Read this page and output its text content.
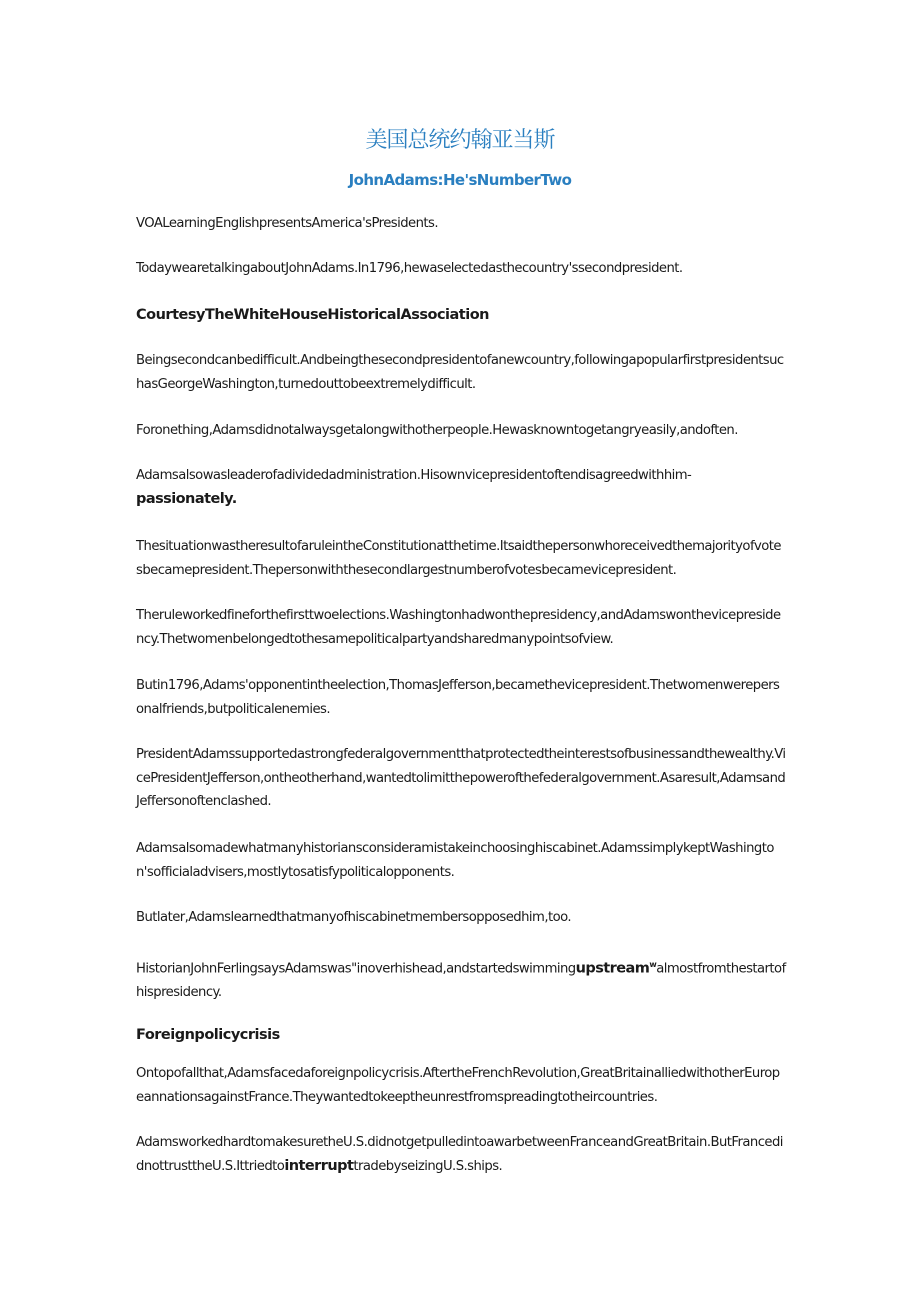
美国总统约翰亚当斯
JohnAdams:He'sNumberTwo

VOALearningEnglishpresentsAmerica'sPresidents.

TodaywearetalkingaboutJohnAdams.In1796,hewaselectedasthecountry'ssecondpresident.

CourtesyTheWhiteHouseHistoricalAssociation

Beingsecondcanbedifficult.Andbeingthesecondpresidentofanewcountry,followingapopularfirstpresidentsuchasGeorgeWashington,turnedouttobeextremelydifficult.

Foronething,Adamsdidnotalwaysgetalongwithotherpeople.Hewasknowntogetangryeasily,andoften.

Adamsalsowasleaderofadividedadministration.Hisownvicepresidentoftendisagreedwithhim-
passionately.

ThesituationwastheresultofaruleintheConstitutionatthetime.Itsaidthepersonwhoreceivedthemajorityofvotesbecamepresident.Thepersonwiththesecondlargestnumberofvotesbecamevicepresident.

Theruleworkedfineforthefirsttwoelections.Washingtonhadwonthepresidency,andAdamswonthevicepresidency.Thetwomenbelongedtothesamepoliticalpartyandsharedmanypointsofview.

Butin1796,Adams'opponentintheelection,ThomasJefferson,becamethevicepresident.Thetwomenwerepersonalfriends,butpoliticalenemies.

PresidentAdamssupportedastrongfederalgovernmentthatprotectedtheinterestsofbusinessandthewealthy.VicePresidentJefferson,ontheotherhand,wantedtolimitthepowerofthefederalgovernment.Asaresult,AdamsandJeffersonoftenclashed.

Adamsalsomadewhatmanyhistoriansconsideramistakeinchoosinghiscabinet.AdamssimplykeptWashington'sofficialadvisers,mostlytosatisfypoliticalopponents.

Butlater,Adamslearnedthatmanyofhiscabinetmembersopposedhim,too.

HistorianJohnFerlingsaysAdamswas"inoverhishead,andstartedswimmingupstream$^w$almostfromthestartofhispresidency.

Foreignpolicycrisis

Ontopofallthat,Adamsfacedaforeignpolicycrisis.AftertheFrenchRevolution,GreatBritainalliedwithotherEuropeannationsagainstFrance.Theywantedtokeeptheunrestfromspreadingtotheircountries.

AdamsworkedhardtomakesuretheU.S.didnotgetpulledintoawarbetweenFranceandGreatBritain.ButFrancedidnottrusttheU.S.IttriedtointerrupttradebyseizingU.S.ships.
